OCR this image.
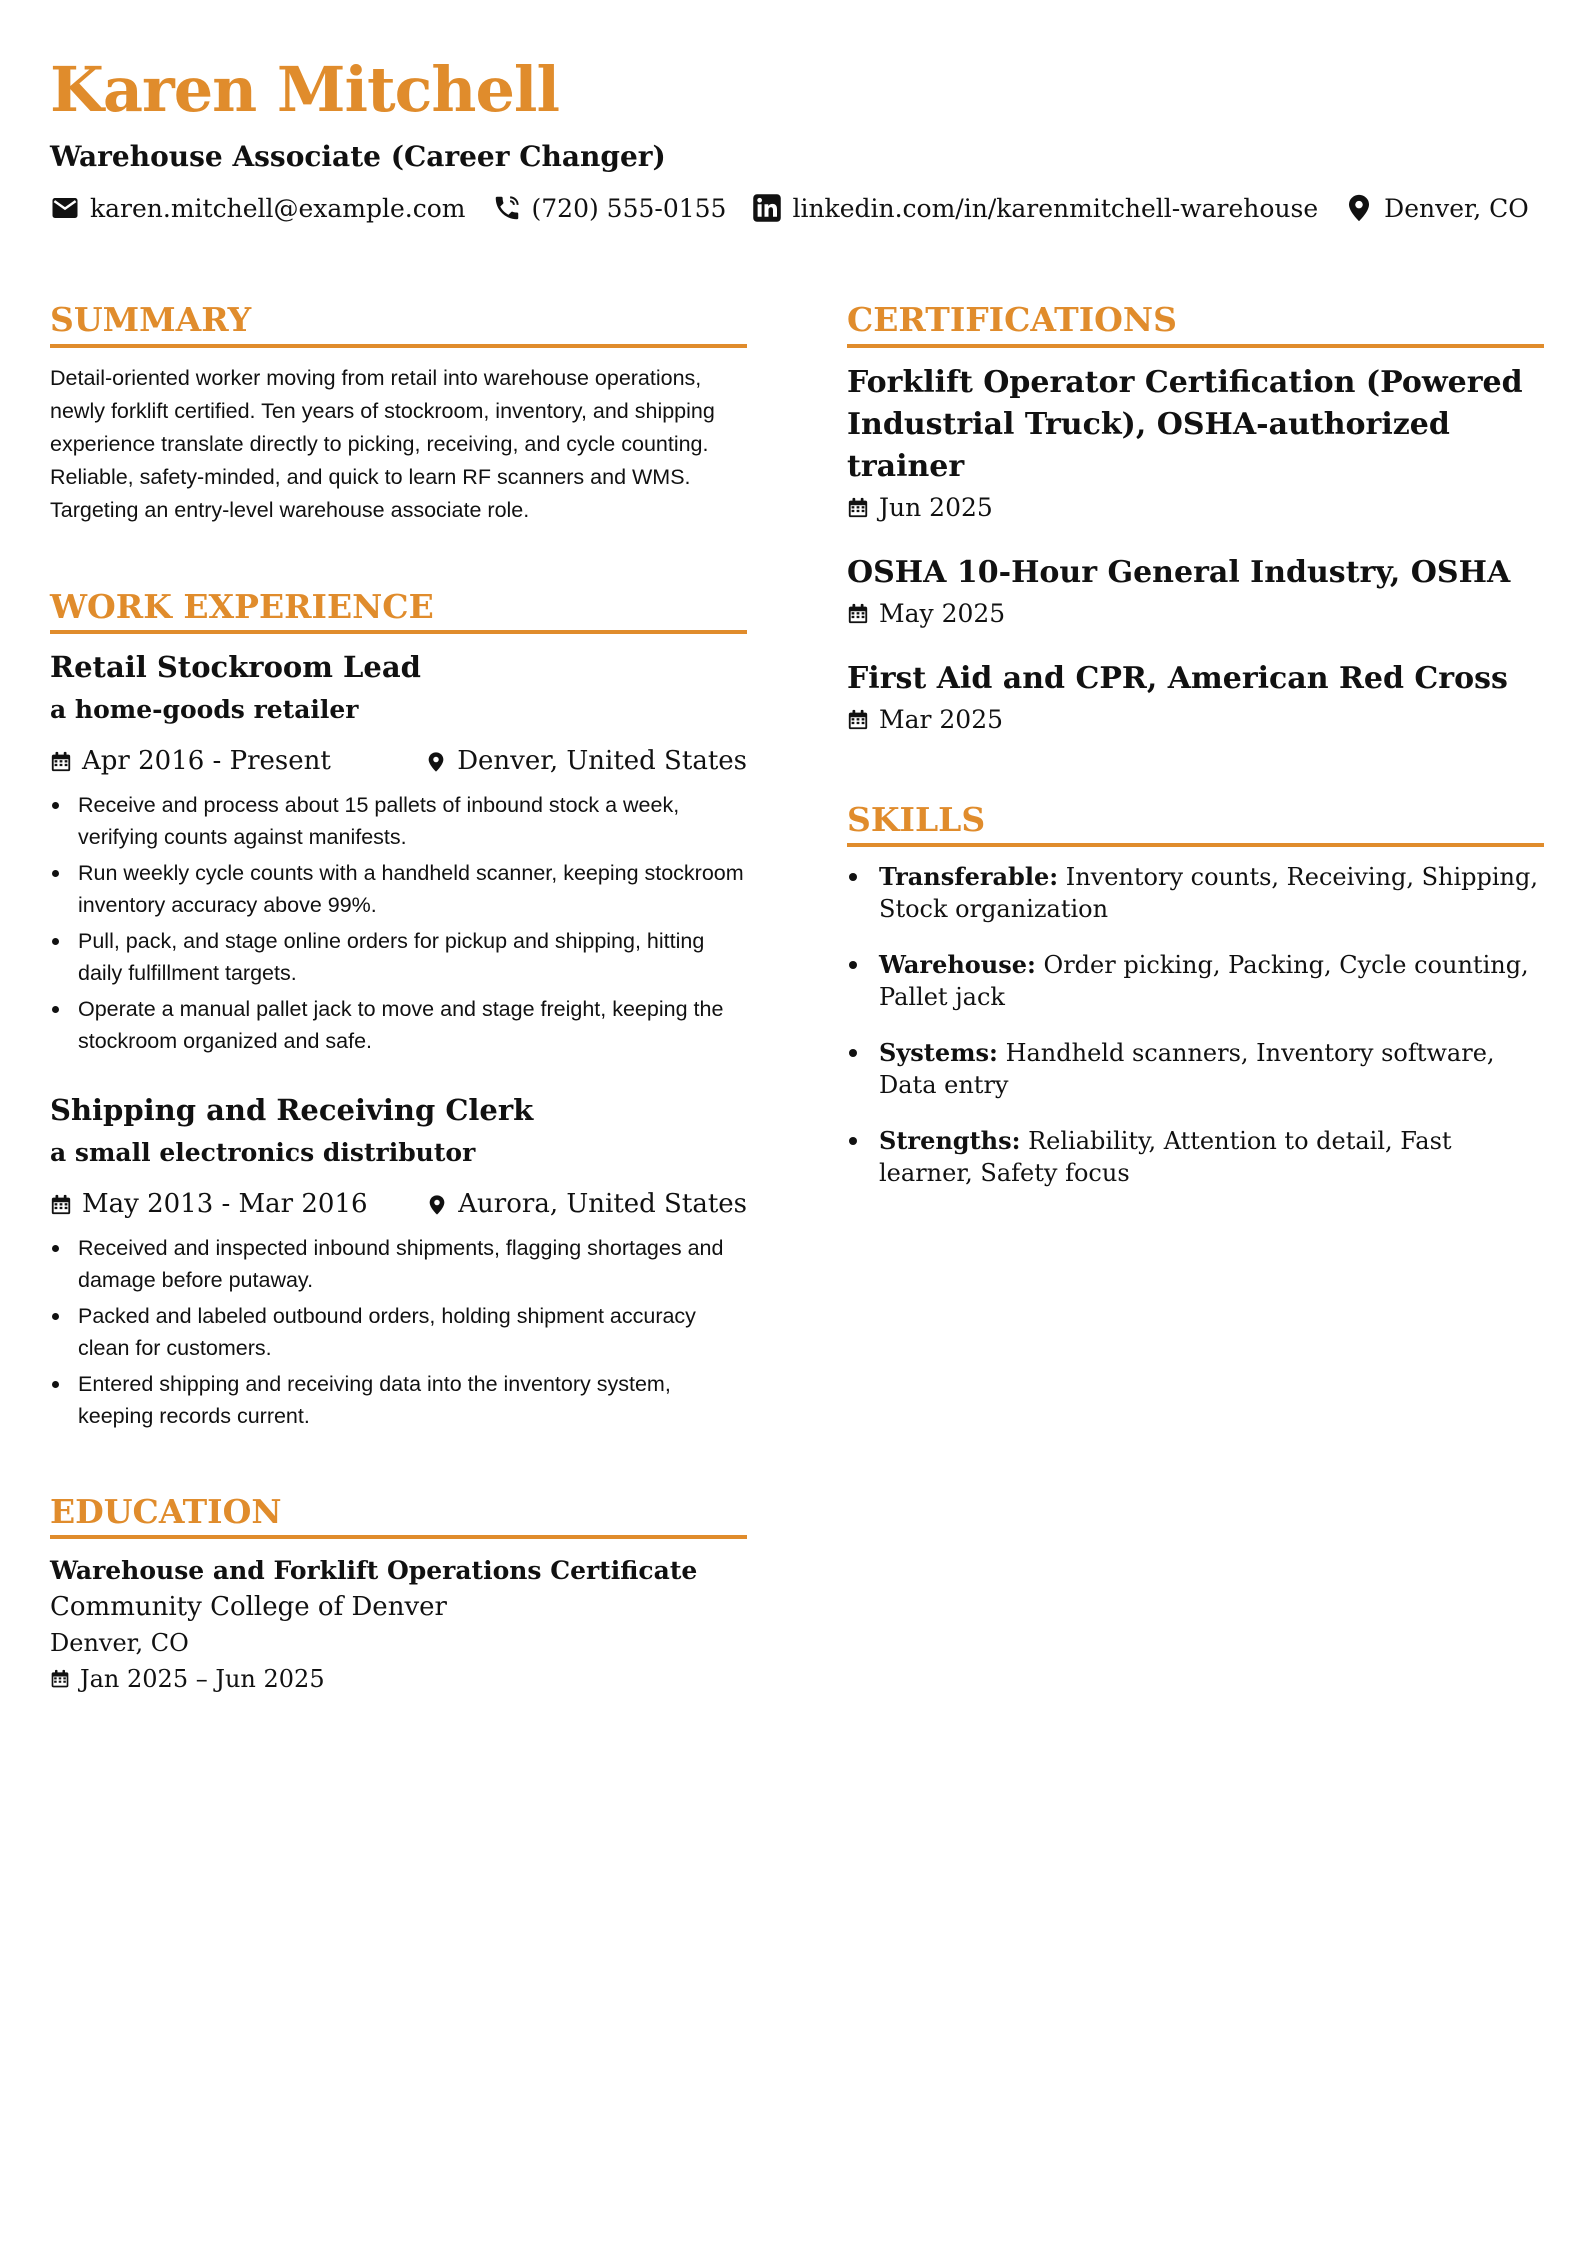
Karen Mitchell
Warehouse Associate (Career Changer)
karen.mitchell@example.com	(720) 555-0155	linkedin.com/in/karenmitchell-warehouse	Denver, CO
SUMMARY

Detail-oriented worker moving from retail into warehouse operations, newly forklift certified. Ten years of stockroom, inventory, and shipping experience translate directly to picking, receiving, and cycle counting. Reliable, safety-minded, and quick to learn RF scanners and WMS. Targeting an entry-level warehouse associate role.

WORK EXPERIENCE
Retail Stockroom Lead
a home-goods retailer
Apr 2016 - Present	Denver, United States
Receive and process about 15 pallets of inbound stock a week, verifying counts against manifests.
Run weekly cycle counts with a handheld scanner, keeping stockroom inventory accuracy above 99%.
Pull, pack, and stage online orders for pickup and shipping, hitting daily fulfillment targets.
Operate a manual pallet jack to move and stage freight, keeping the stockroom organized and safe.
Shipping and Receiving Clerk
a small electronics distributor
May 2013 - Mar 2016	Aurora, United States
Received and inspected inbound shipments, flagging shortages and damage before putaway.
Packed and labeled outbound orders, holding shipment accuracy clean for customers.
Entered shipping and receiving data into the inventory system, keeping records current.
EDUCATION
Warehouse and Forklift Operations Certificate
Community College of Denver
Denver, CO
Jan 2025 – Jun 2025
CERTIFICATIONS
Forklift Operator Certification (Powered Industrial Truck), OSHA-authorized trainer
Jun 2025
OSHA 10-Hour General Industry, OSHA
May 2025
First Aid and CPR, American Red Cross
Mar 2025
SKILLS
Transferable: Inventory counts, Receiving, Shipping, Stock organization
Warehouse: Order picking, Packing, Cycle counting, Pallet jack
Systems: Handheld scanners, Inventory software, Data entry
Strengths: Reliability, Attention to detail, Fast learner, Safety focus
